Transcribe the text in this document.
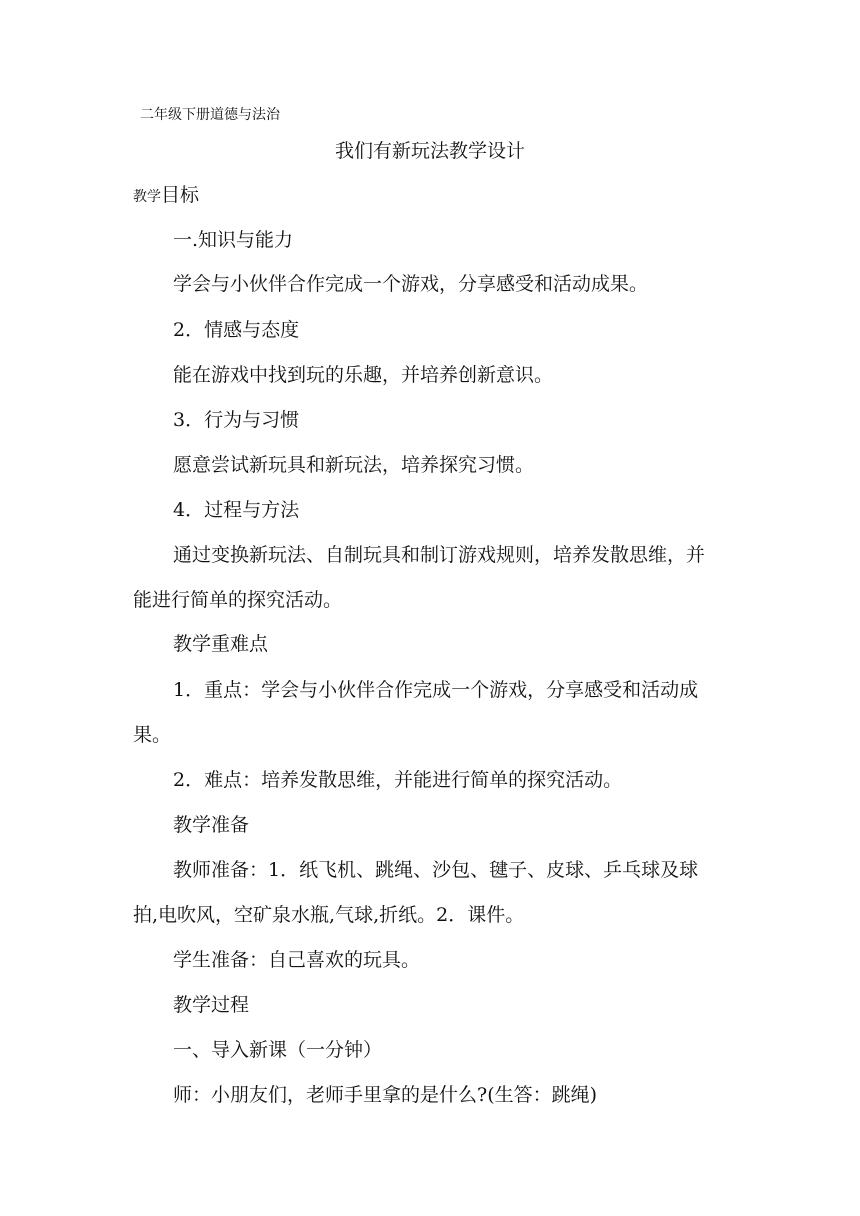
二年级下册道德与法治
我们有新玩法教学设计
教学目标
一.知识与能力
学会与小伙伴合作完成一个游戏，分享感受和活动成果。
2．情感与态度
能在游戏中找到玩的乐趣，并培养创新意识。
3．行为与习惯
愿意尝试新玩具和新玩法，培养探究习惯。
4．过程与方法
通过变换新玩法、自制玩具和制订游戏规则，培养发散思维，并
能进行简单的探究活动。
教学重难点
1．重点：学会与小伙伴合作完成一个游戏，分享感受和活动成
果。
2．难点：培养发散思维，并能进行简单的探究活动。
教学准备
教师准备：1．纸飞机、跳绳、沙包、毽子、皮球、乒乓球及球
拍,电吹风，空矿泉水瓶,气球,折纸。2．课件。
学生准备：自己喜欢的玩具。
教学过程
一、导入新课（一分钟）
师：小朋友们，老师手里拿的是什么?(生答：跳绳)
